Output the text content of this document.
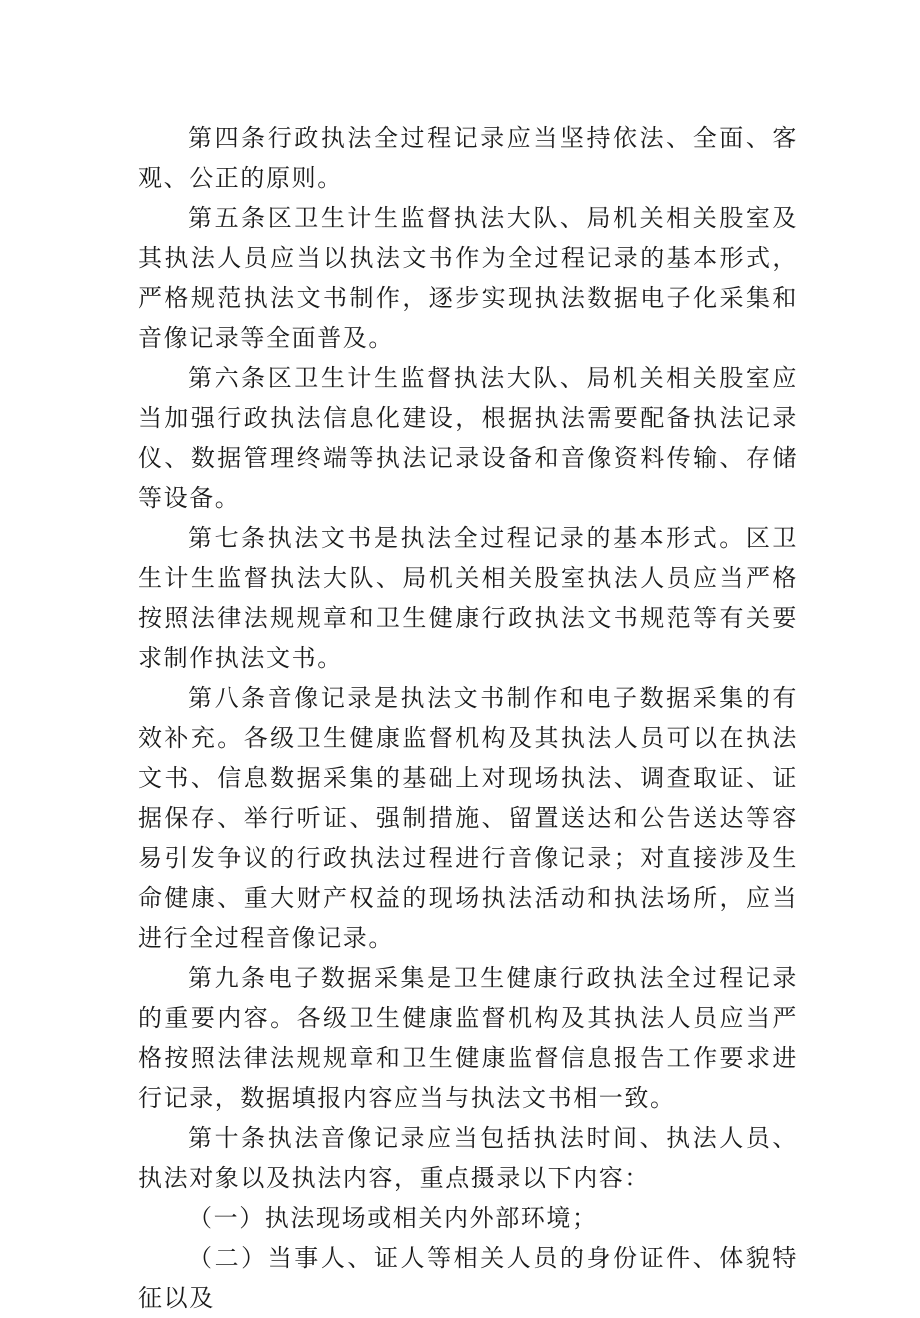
第四条行政执法全过程记录应当坚持依法、全面、客观、公正的原则。

第五条区卫生计生监督执法大队、局机关相关股室及其执法人员应当以执法文书作为全过程记录的基本形式，严格规范执法文书制作，逐步实现执法数据电子化采集和音像记录等全面普及。

第六条区卫生计生监督执法大队、局机关相关股室应当加强行政执法信息化建设，根据执法需要配备执法记录仪、数据管理终端等执法记录设备和音像资料传输、存储等设备。

第七条执法文书是执法全过程记录的基本形式。区卫生计生监督执法大队、局机关相关股室执法人员应当严格按照法律法规规章和卫生健康行政执法文书规范等有关要求制作执法文书。

第八条音像记录是执法文书制作和电子数据采集的有效补充。各级卫生健康监督机构及其执法人员可以在执法文书、信息数据采集的基础上对现场执法、调查取证、证据保存、举行听证、强制措施、留置送达和公告送达等容易引发争议的行政执法过程进行音像记录；对直接涉及生命健康、重大财产权益的现场执法活动和执法场所，应当进行全过程音像记录。

第九条电子数据采集是卫生健康行政执法全过程记录的重要内容。各级卫生健康监督机构及其执法人员应当严格按照法律法规规章和卫生健康监督信息报告工作要求进行记录，数据填报内容应当与执法文书相一致。

第十条执法音像记录应当包括执法时间、执法人员、执法对象以及执法内容，重点摄录以下内容：

（一）执法现场或相关内外部环境；

（二）当事人、证人等相关人员的身份证件、体貌特征以及
